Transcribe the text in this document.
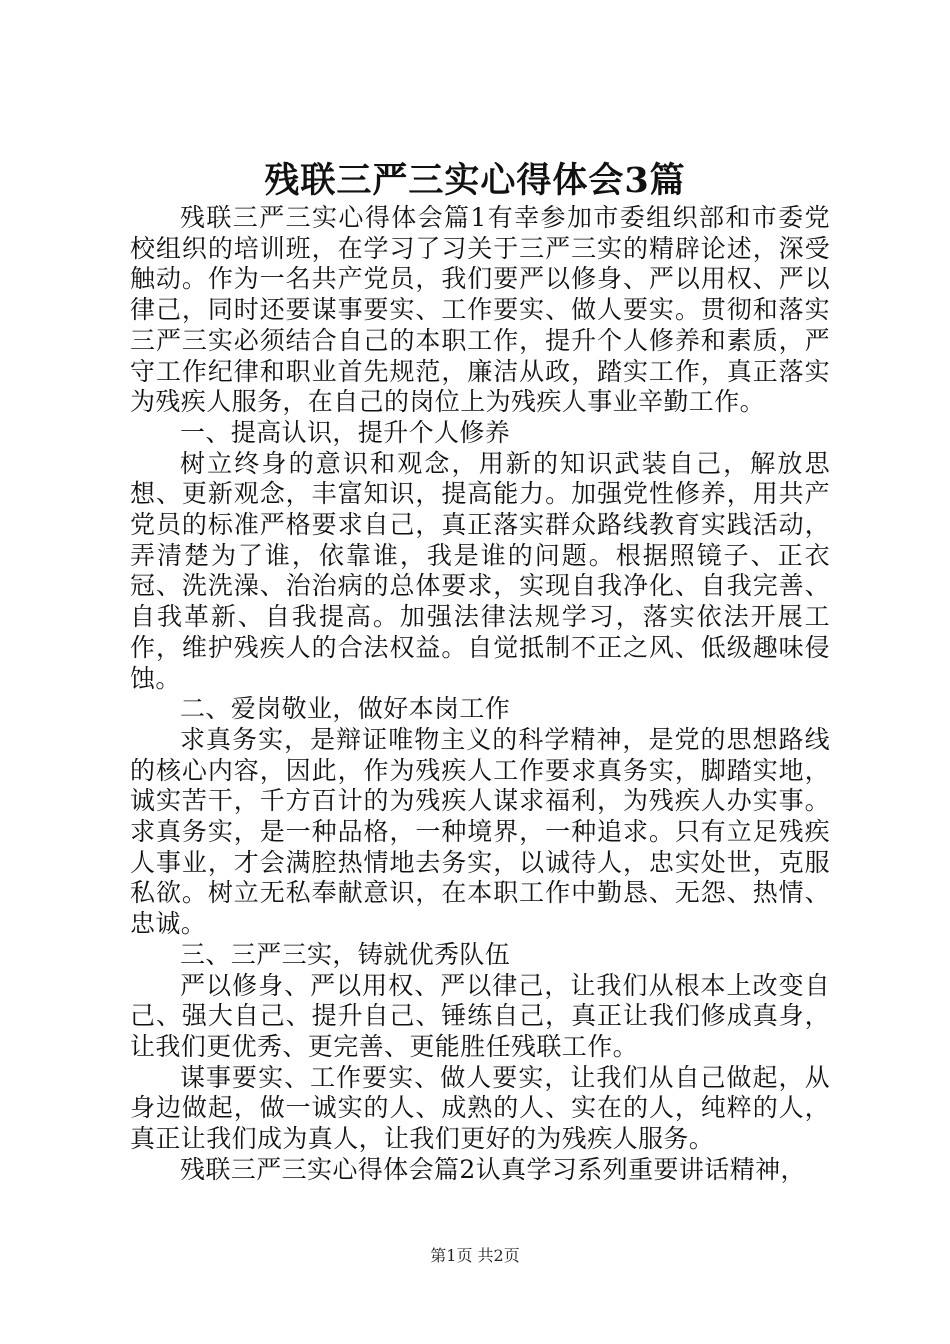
残联三严三实心得体会3篇

残联三严三实心得体会篇1有幸参加市委组织部和市委党校组织的培训班，在学习了习关于三严三实的精辟论述，深受触动。作为一名共产党员，我们要严以修身、严以用权、严以律己，同时还要谋事要实、工作要实、做人要实。贯彻和落实三严三实必须结合自己的本职工作，提升个人修养和素质，严守工作纪律和职业首先规范，廉洁从政，踏实工作，真正落实为残疾人服务，在自己的岗位上为残疾人事业辛勤工作。

一、提高认识，提升个人修养

树立终身的意识和观念，用新的知识武装自己，解放思想、更新观念，丰富知识，提高能力。加强党性修养，用共产党员的标准严格要求自己，真正落实群众路线教育实践活动，弄清楚为了谁，依靠谁，我是谁的问题。根据照镜子、正衣冠、洗洗澡、治治病的总体要求，实现自我净化、自我完善、自我革新、自我提高。加强法律法规学习，落实依法开展工作，维护残疾人的合法权益。自觉抵制不正之风、低级趣味侵蚀。

二、爱岗敬业，做好本岗工作

求真务实，是辩证唯物主义的科学精神，是党的思想路线的核心内容，因此，作为残疾人工作要求真务实，脚踏实地，诚实苦干，千方百计的为残疾人谋求福利，为残疾人办实事。求真务实，是一种品格，一种境界，一种追求。只有立足残疾人事业，才会满腔热情地去务实，以诚待人，忠实处世，克服私欲。树立无私奉献意识，在本职工作中勤恳、无怨、热情、忠诚。

三、三严三实，铸就优秀队伍

严以修身、严以用权、严以律己，让我们从根本上改变自己、强大自己、提升自己、锤练自己，真正让我们修成真身，让我们更优秀、更完善、更能胜任残联工作。

谋事要实、工作要实、做人要实，让我们从自己做起，从身边做起，做一诚实的人、成熟的人、实在的人，纯粹的人，真正让我们成为真人，让我们更好的为残疾人服务。

残联三严三实心得体会篇2认真学习系列重要讲话精神，

第1页 共2页
